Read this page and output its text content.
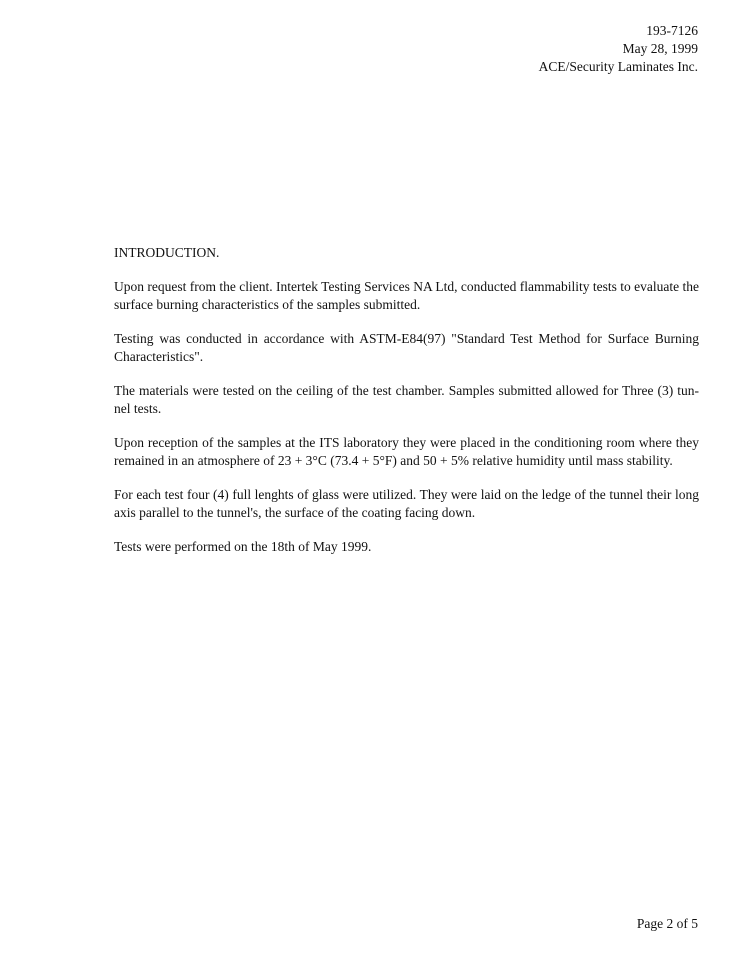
193-7126
May 28, 1999
ACE/Security Laminates Inc.
INTRODUCTION.

Upon request from the client. Intertek Testing Services NA Ltd, conducted flammability tests to evaluate the surface burning characteristics of the samples submitted.

Testing was conducted in accordance with ASTM-E84(97) "Standard Test Method for Surface Burning Characteristics".

The materials were tested on the ceiling of the test chamber. Samples submitted allowed for Three (3) tun-nel tests.

Upon reception of the samples at the ITS laboratory they were placed in the conditioning room where they remained in an atmosphere of 23 + 3°C (73.4 + 5°F) and 50 + 5% relative humidity until mass stability.

For each test four (4) full lenghts of glass were utilized. They were laid on the ledge of the tunnel their long axis parallel to the tunnel's, the surface of the coating facing down.

Tests were performed on the 18th of May 1999.

Page 2 of 5
